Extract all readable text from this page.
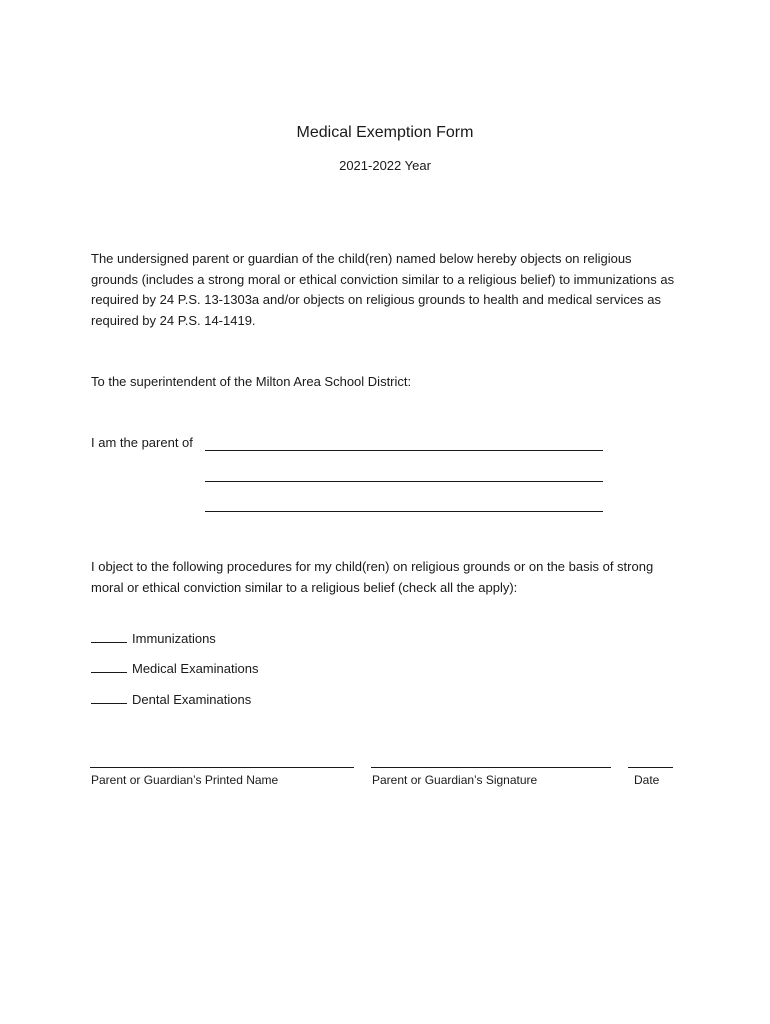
Medical Exemption Form
2021-2022 Year

The undersigned parent or guardian of the child(ren) named below hereby objects on religious grounds (includes a strong moral or ethical conviction similar to a religious belief) to immunizations as required by 24 P.S. 13-1303a and/or objects on religious grounds to health and medical services as required by 24 P.S. 14-1419.

To the superintendent of the Milton Area School District:

I am the parent of

I object to the following procedures for my child(ren) on religious grounds or on the basis of strong moral or ethical conviction similar to a religious belief (check all the apply):

Immunizations
Medical Examinations
Dental Examinations
Parent or Guardian’s Printed Name	Parent or Guardian’s Signature	Date
